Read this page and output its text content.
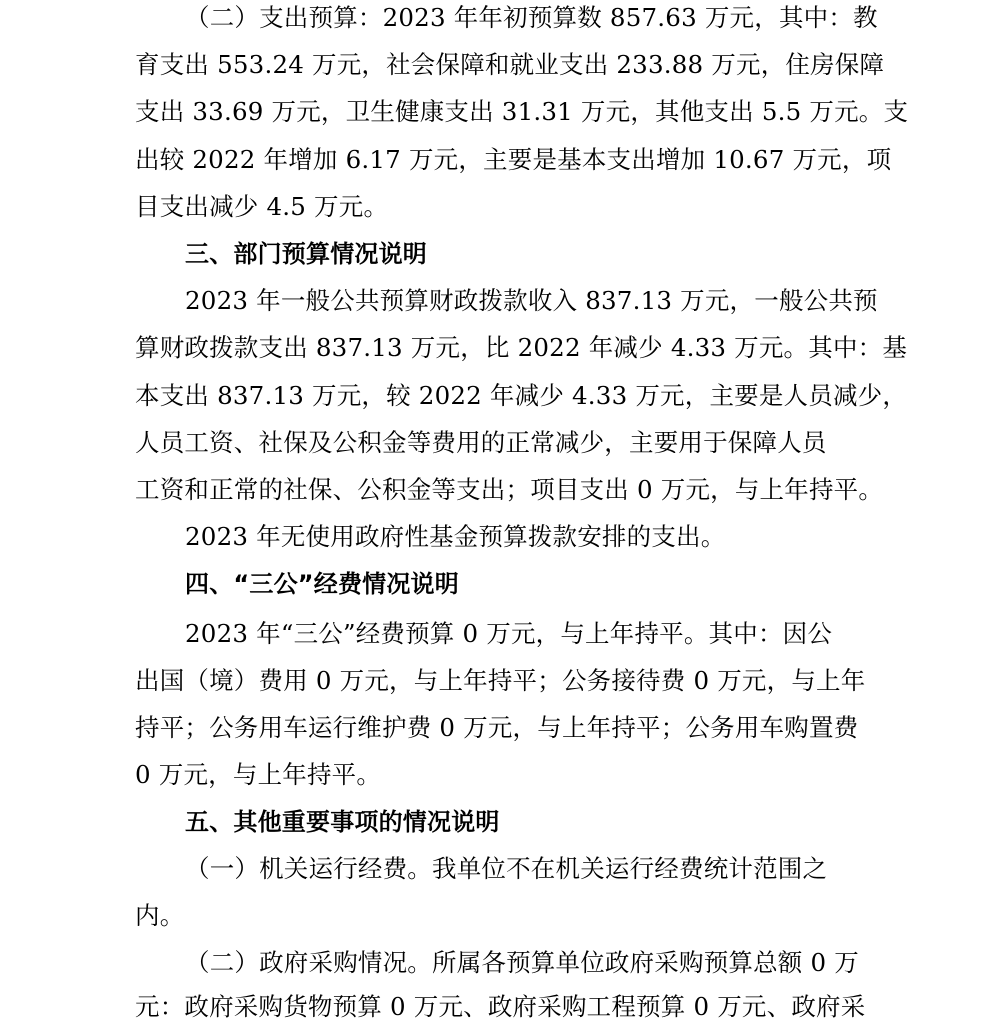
（二）支出预算：2023 年年初预算数 857.63 万元，其中：教
育支出 553.24 万元，社会保障和就业支出 233.88 万元，住房保障
支出 33.69 万元，卫生健康支出 31.31 万元，其他支出 5.5 万元。支
出较 2022 年增加 6.17 万元，主要是基本支出增加 10.67 万元，项
目支出减少 4.5 万元。
三、部门预算情况说明
2023 年一般公共预算财政拨款收入 837.13 万元，一般公共预
算财政拨款支出 837.13 万元，比 2022 年减少 4.33 万元。其中：基
本支出 837.13 万元，较 2022 年减少 4.33 万元，主要是人员减少，
人员工资、社保及公积金等费用的正常减少，主要用于保障人员
工资和正常的社保、公积金等支出；项目支出 0 万元，与上年持平。
2023 年无使用政府性基金预算拨款安排的支出。
四、“三公”经费情况说明
2023 年“三公”经费预算 0 万元，与上年持平。其中：因公
出国（境）费用 0 万元，与上年持平；公务接待费 0 万元，与上年
持平；公务用车运行维护费 0 万元，与上年持平；公务用车购置费
0 万元，与上年持平。
五、其他重要事项的情况说明
（一）机关运行经费。我单位不在机关运行经费统计范围之
内。
（二）政府采购情况。所属各预算单位政府采购预算总额 0 万
元：政府采购货物预算 0 万元、政府采购工程预算 0 万元、政府采
